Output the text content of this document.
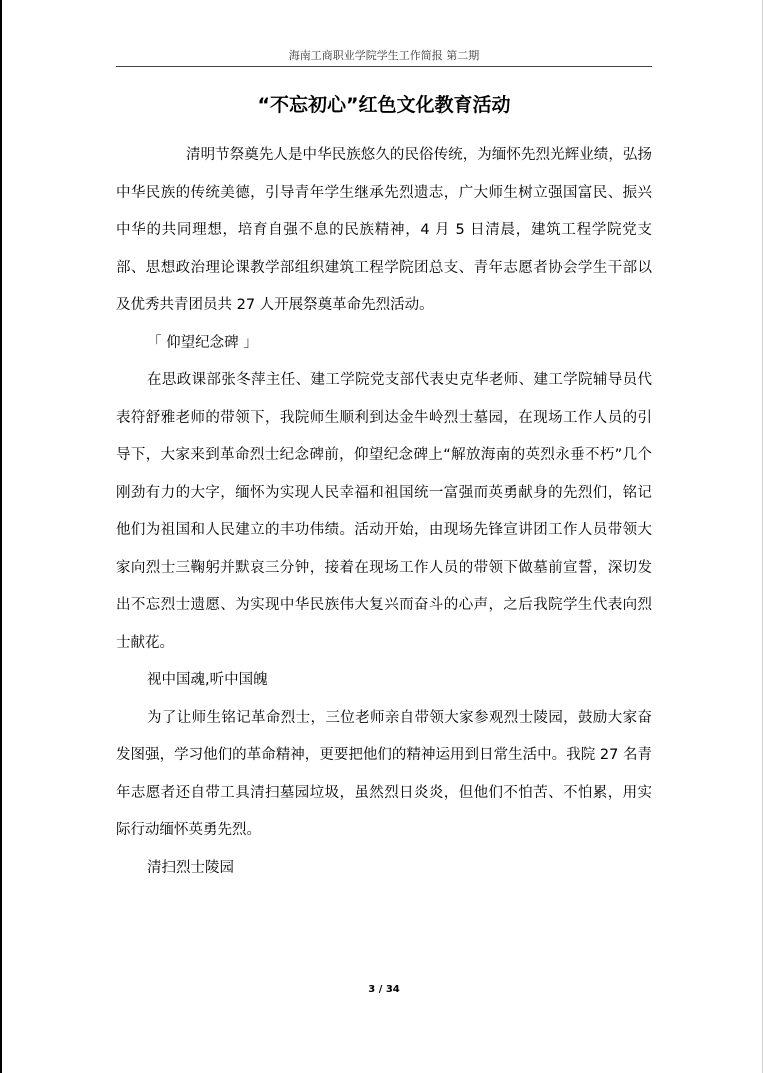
海南工商职业学院学生工作简报 第二期
“不忘初心”红色文化教育活动

清明节祭奠先人是中华民族悠久的民俗传统，为缅怀先烈光辉业绩，弘扬中华民族的传统美德，引导青年学生继承先烈遗志，广大师生树立强国富民、振兴中华的共同理想，培育自强不息的民族精神，4 月 5 日清晨，建筑工程学院党支部、思想政治理论课教学部组织建筑工程学院团总支、青年志愿者协会学生干部以及优秀共青团员共 27 人开展祭奠革命先烈活动。

「 仰望纪念碑 」

在思政课部张冬萍主任、建工学院党支部代表史克华老师、建工学院辅导员代表符舒雅老师的带领下，我院师生顺利到达金牛岭烈士墓园，在现场工作人员的引导下，大家来到革命烈士纪念碑前，仰望纪念碑上“解放海南的英烈永垂不朽”几个刚劲有力的大字，缅怀为实现人民幸福和祖国统一富强而英勇献身的先烈们，铭记他们为祖国和人民建立的丰功伟绩。活动开始，由现场先锋宣讲团工作人员带领大家向烈士三鞠躬并默哀三分钟，接着在现场工作人员的带领下做墓前宣誓，深切发出不忘烈士遗愿、为实现中华民族伟大复兴而奋斗的心声，之后我院学生代表向烈士献花。

视中国魂,听中国魄

为了让师生铭记革命烈士，三位老师亲自带领大家参观烈士陵园，鼓励大家奋发图强，学习他们的革命精神，更要把他们的精神运用到日常生活中。我院 27 名青年志愿者还自带工具清扫墓园垃圾，虽然烈日炎炎，但他们不怕苦、不怕累，用实际行动缅怀英勇先烈。

清扫烈士陵园

3 / 34
